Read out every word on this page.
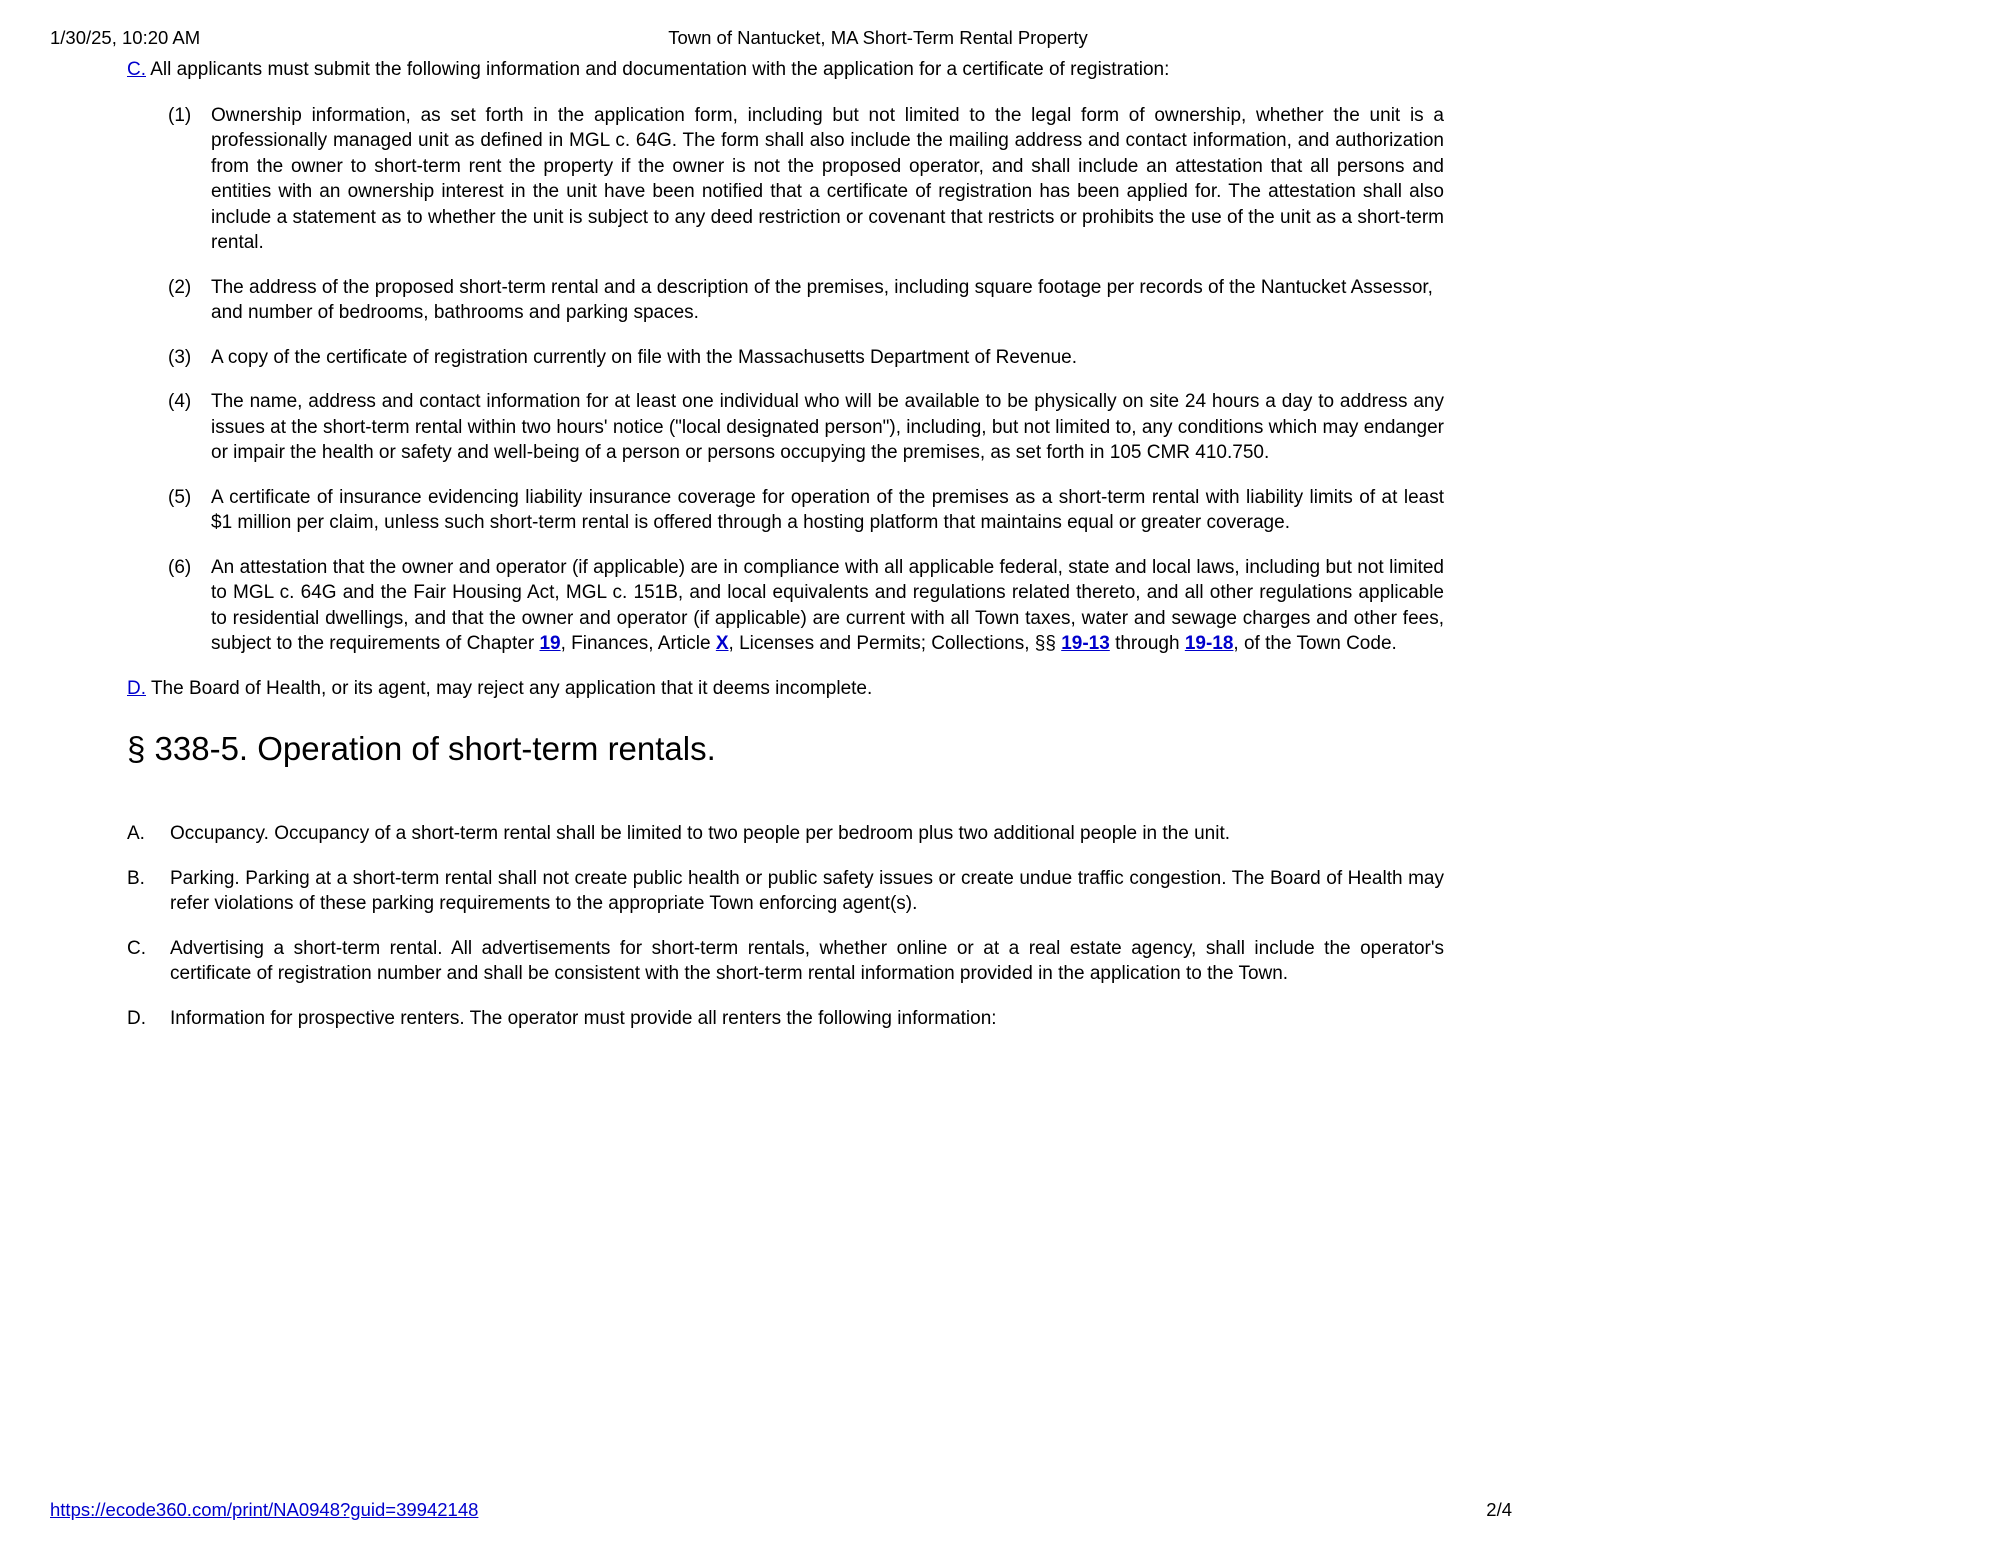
Town of Nantucket, MA Short-Term Rental Property
1/30/25, 10:20 AM

C. All applicants must submit the following information and documentation with the application for a certificate of registration:

(1) Ownership information, as set forth in the application form, including but not limited to the legal form of ownership, whether the unit is a professionally managed unit as defined in MGL c. 64G. The form shall also include the mailing address and contact information, and authorization from the owner to short-term rent the property if the owner is not the proposed operator, and shall include an attestation that all persons and entities with an ownership interest in the unit have been notified that a certificate of registration has been applied for. The attestation shall also include a statement as to whether the unit is subject to any deed restriction or covenant that restricts or prohibits the use of the unit as a short-term rental.
(2) The address of the proposed short-term rental and a description of the premises, including square footage per records of the Nantucket Assessor, and number of bedrooms, bathrooms and parking spaces.
(3) A copy of the certificate of registration currently on file with the Massachusetts Department of Revenue.
(4) The name, address and contact information for at least one individual who will be available to be physically on site 24 hours a day to address any issues at the short-term rental within two hours' notice ("local designated person"), including, but not limited to, any conditions which may endanger or impair the health or safety and well-being of a person or persons occupying the premises, as set forth in 105 CMR 410.750.
(5) A certificate of insurance evidencing liability insurance coverage for operation of the premises as a short-term rental with liability limits of at least $1 million per claim, unless such short-term rental is offered through a hosting platform that maintains equal or greater coverage.
(6) An attestation that the owner and operator (if applicable) are in compliance with all applicable federal, state and local laws, including but not limited to MGL c. 64G and the Fair Housing Act, MGL c. 151B, and local equivalents and regulations related thereto, and all other regulations applicable to residential dwellings, and that the owner and operator (if applicable) are current with all Town taxes, water and sewage charges and other fees, subject to the requirements of Chapter 19, Finances, Article X, Licenses and Permits; Collections, §§ 19-13 through 19-18, of the Town Code.

D. The Board of Health, or its agent, may reject any application that it deems incomplete.

§ 338-5. Operation of short-term rentals.
A. Occupancy. Occupancy of a short-term rental shall be limited to two people per bedroom plus two additional people in the unit.
B. Parking. Parking at a short-term rental shall not create public health or public safety issues or create undue traffic congestion. The Board of Health may refer violations of these parking requirements to the appropriate Town enforcing agent(s).
C. Advertising a short-term rental. All advertisements for short-term rentals, whether online or at a real estate agency, shall include the operator's certificate of registration number and shall be consistent with the short-term rental information provided in the application to the Town.
D. Information for prospective renters. The operator must provide all renters the following information:
https://ecode360.com/print/NA0948?guid=39942148	2/4
